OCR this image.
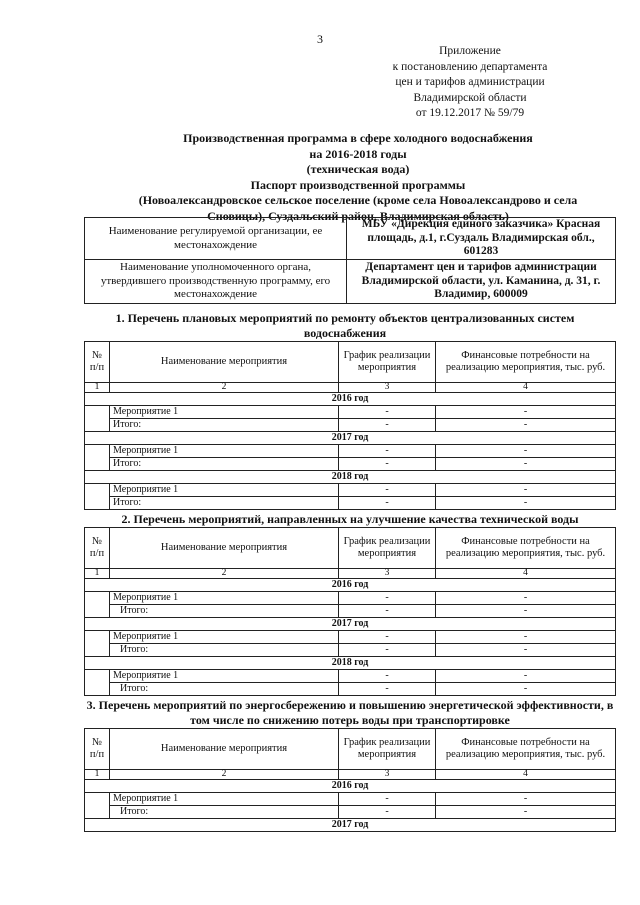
3
Приложение
к постановлению департамента
цен и тарифов администрации
Владимирской области
от 19.12.2017 № 59/79
Производственная программа в сфере холодного водоснабжения
на 2016-2018 годы
(техническая вода)
Паспорт производственной программы
(Новоалександровское сельское поселение (кроме села Новоалександрово и села
Сновицы), Суздальский район, Владимирская область)
Наименование регулируемой организации, ее местонахождение	МБУ «Дирекция единого заказчика» Красная площадь, д.1, г.Суздаль Владимирская обл., 601283
Наименование уполномоченного органа, утвердившего производственную программу, его местонахождение	Департамент цен и тарифов администрации Владимирской области, ул. Каманина, д. 31, г. Владимир, 600009
1. Перечень плановых мероприятий по ремонту объектов централизованных систем водоснабжения
№ п/п	Наименование мероприятия	График реализации мероприятия	Финансовые потребности на реализацию мероприятия, тыс. руб.
1	2	3	4
2016 год			
	Мероприятие 1	-	-
	Итого:	-	-
2017 год			
	Мероприятие 1	-	-
	Итого:	-	-
2018 год			
	Мероприятие 1	-	-
	Итого:	-	-
2. Перечень мероприятий, направленных на улучшение качества технической воды
№ п/п	Наименование мероприятия	График реализации мероприятия	Финансовые потребности на реализацию мероприятия, тыс. руб.
1	2	3	4
2016 год			
	Мероприятие 1	-	-
	Итого:	-	-
2017 год			
	Мероприятие 1	-	-
	Итого:	-	-
2018 год			
	Мероприятие 1	-	-
	Итого:	-	-
3. Перечень мероприятий по энергосбережению и повышению энергетической эффективности, в том числе по снижению потерь воды при транспортировке
№ п/п	Наименование мероприятия	График реализации мероприятия	Финансовые потребности на реализацию мероприятия, тыс. руб.
1	2	3	4
2016 год			
	Мероприятие 1	-	-
	Итого:	-	-
2017 год			
